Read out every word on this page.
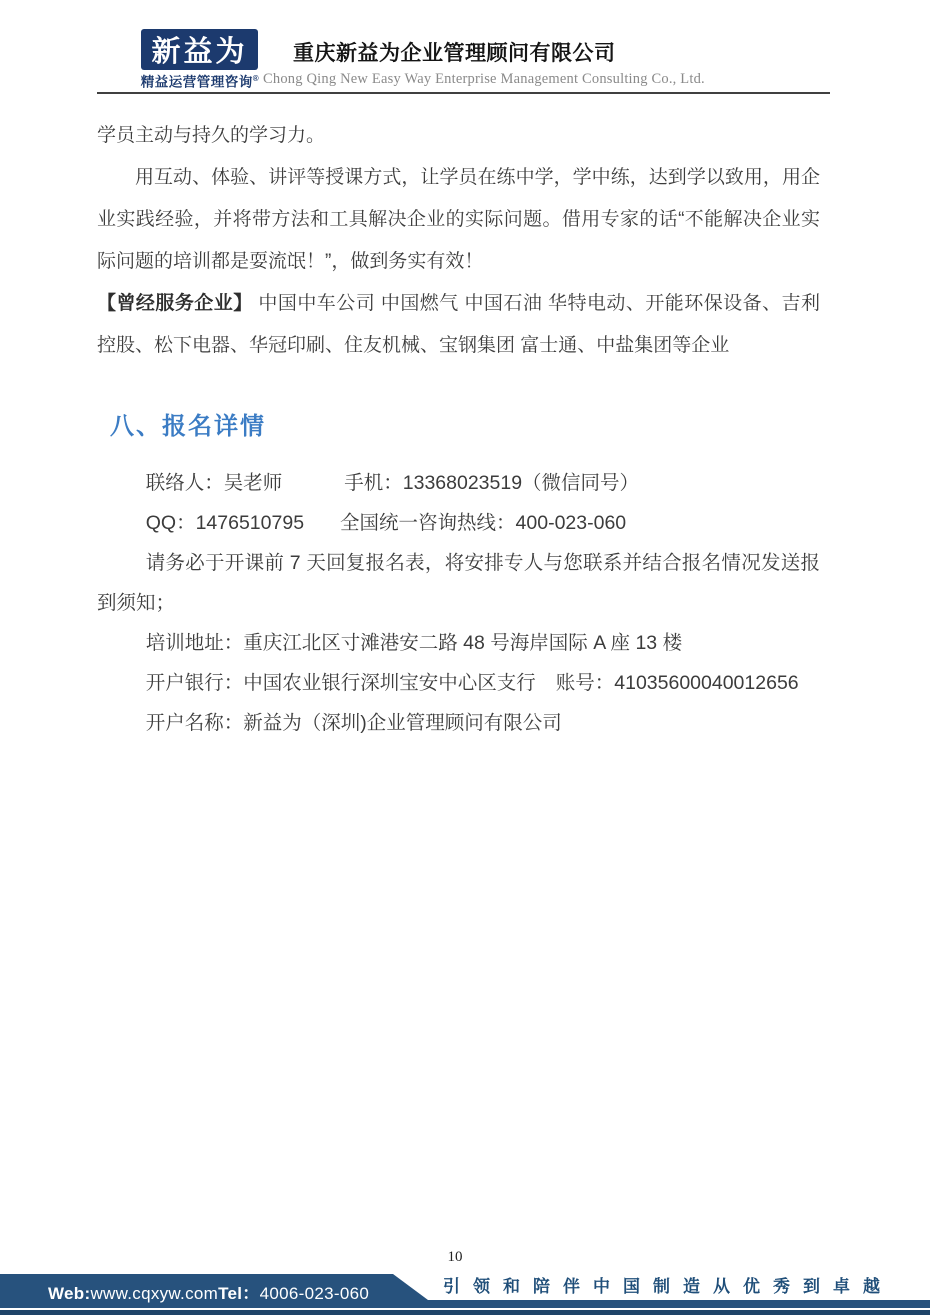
新益为
精益运营管理咨询®
重庆新益为企业管理顾问有限公司
Chong Qing New Easy Way Enterprise Management Consulting Co., Ltd.

学员主动与持久的学习力。

用互动、体验、讲评等授课方式，让学员在练中学，学中练，达到学以致用，用企业实践经验，并将带方法和工具解决企业的实际问题。借用专家的话“不能解决企业实际问题的培训都是耍流氓！”，做到务实有效！

【曾经服务企业】 中国中车公司 中国燃气 中国石油 华特电动、开能环保设备、吉利控股、松下电器、华冠印刷、住友机械、宝钢集团 富士通、中盐集团等企业

八、报名详情

联络人：吴老师	手机：13368023519（微信同号）

QQ：1476510795 全国统一咨询热线：400-023-060

请务必于开课前 7 天回复报名表，将安排专人与您联系并结合报名情况发送报到须知；

培训地址：重庆江北区寸滩港安二路 48 号海岸国际 A 座 13 楼

开户银行：中国农业银行深圳宝安中心区支行 账号：41035600040012656

开户名称：新益为（深圳)企业管理顾问有限公司

10
Web:www.cqxyw.comTel：4006-023-060	引领和陪伴中国制造从优秀到卓越
